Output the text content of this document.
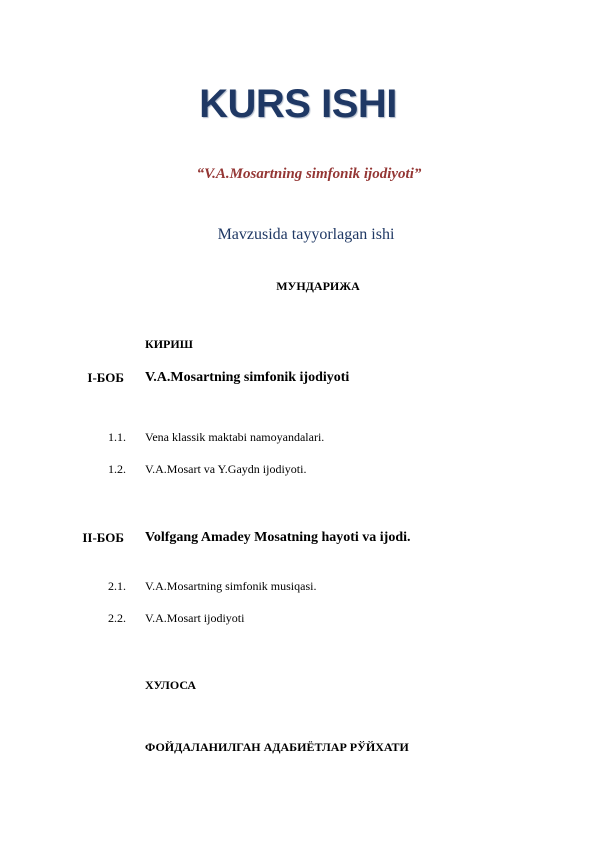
KURS ISHI
“V.A.Mosartning simfonik ijodiyoti”
Mavzusida tayyorlagan ishi
МУНДАРИЖА
КИРИШ
I-БОБ V.A.Mosartning simfonik ijodiyoti
1.1. Vena klassik maktabi namoyandalari.
1.2. V.A.Mosart va Y.Gaydn ijodiyoti.
II-БОБ Volfgang Amadey Mosatning hayoti va ijodi.
2.1. V.A.Mosartning simfonik musiqasi.
2.2. V.A.Mosart ijodiyoti
ХУЛОСА
ФОЙДАЛАНИЛГАН АДАБИЁТЛАР РЎЙХАТИ
